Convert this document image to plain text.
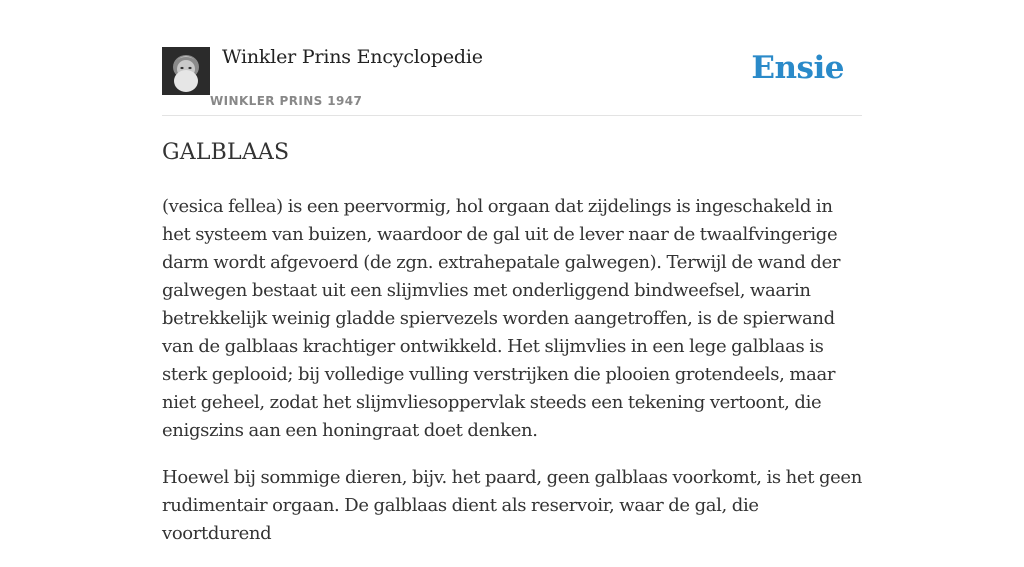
Winkler Prins Encyclopedie
WINKLER PRINS 1947
Ensie
GALBLAAS

(vesica fellea) is een peervormig, hol orgaan dat zijdelings is ingeschakeld in het systeem van buizen, waardoor de gal uit de lever naar de twaalfvingerige darm wordt afgevoerd (de zgn. extrahepatale galwegen). Terwijl de wand der galwegen bestaat uit een slijmvlies met onderliggend bindweefsel, waarin betrekkelijk weinig gladde spiervezels worden aangetroffen, is de spierwand van de galblaas krachtiger ontwikkeld. Het slijmvlies in een lege galblaas is sterk geplooid; bij volledige vulling verstrijken die plooien grotendeels, maar niet geheel, zodat het slijmvliesoppervlak steeds een tekening vertoont, die enigszins aan een honingraat doet denken.

Hoewel bij sommige dieren, bijv. het paard, geen galblaas voorkomt, is het geen rudimentair orgaan. De galblaas dient als reservoir, waar de gal, die voortdurend
